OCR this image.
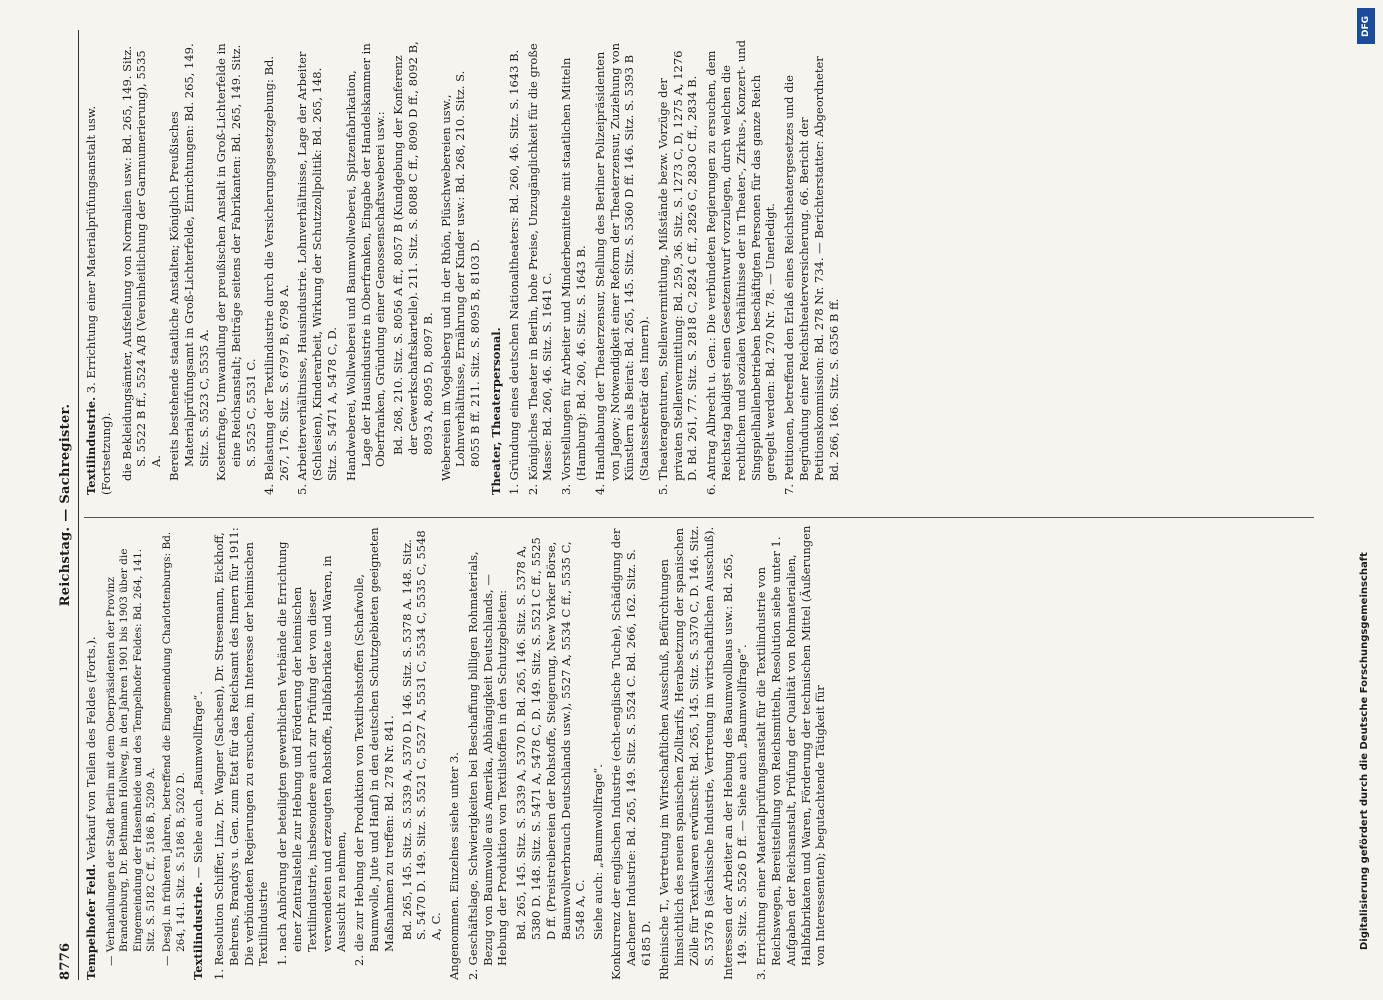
8776
Reichstag. — Sachregister.

Tempelhofer Feld. Verkauf von Teilen des Feldes (Forts.). — Verhandlungen der Stadt Berlin mit dem Oberpräsidenten der Provinz Brandenburg, Dr. Bethmann Hollweg, in den Jahren 1901 bis 1903 über die Eingemeindung der Hasenheide und des Tempelhofer Feldes: Bd. 264, 141. Sitz. S. 5182 C ff., 5186 B, 5209 A. — Desgl. in früheren Jahren, betreffend die Eingemeindung Charlottenburgs: Bd. 264, 141. Sitz. S. 5186 B, 5202 D. Textilindustrie. — Siehe auch „Baumwollfrage“. 1. Resolution Schiffer, Linz, Dr. Wagner (Sachsen), Dr. Stresemann, Eickhoff, Behrens, Brandys u. Gen. zum Etat für das Reichsamt des Innern für 1911: Die verbündeten Regierungen zu ersuchen, im Interesse der heimischen Textilindustrie 1. nach Anhörung der beteiligten gewerblichen Verbände die Errichtung einer Zentralstelle zur Hebung und Förderung der heimischen Textilindustrie, insbesondere auch zur Prüfung der von dieser verwendeten und erzeugten Rohstoffe, Halbfabrikate und Waren, in Aussicht zu nehmen, 2. die zur Hebung der Produktion von Textilrohstoffen (Schafwolle, Baumwolle, Jute und Hanf) in den deutschen Schutzgebieten geeigneten Maßnahmen zu treffen: Bd. 278 Nr. 841. Bd. 265, 145. Sitz. S. 5339 A, 5370 D. 146. Sitz. S. 5378 A. 148. Sitz. S. 5470 D. 149. Sitz. S. 5521 C, 5527 A, 5531 C, 5534 C, 5535 C, 5548 A, C. Angenommen. Einzelnes siehe unter 3. 2. Geschäftslage, Schwierigkeiten bei Beschaffung billigen Rohmaterials, Bezug von Baumwolle aus Amerika, Abhängigkeit Deutschlands, — Hebung der Produktion von Textilstoffen in den Schutzgebieten: Bd. 265, 145. Sitz. S. 5339 A, 5370 D. Bd. 265, 146. Sitz. S. 5378 A, 5380 D. 148. Sitz. S. 5471 A, 5478 C, D. 149. Sitz. S. 5521 C ff., 5525 D ff. (Preistreibereien der Rohstoffe, Steigerung, New Yorker Börse, Baumwollverbrauch Deutschlands usw.), 5527 A, 5534 C ff., 5535 C, 5548 A, C. Siehe auch: „Baumwollfrage“. Konkurrenz der englischen Industrie (echt-englische Tuche), Schädigung der Aachener Industrie: Bd. 265, 149. Sitz. S. 5524 C. Bd. 266, 162. Sitz. S. 6185 D. Rheinische T., Vertretung im Wirtschaftlichen Ausschuß, Befürchtungen hinsichtlich des neuen spanischen Zolltarifs, Herabsetzung der spanischen Zölle für Textilwaren erwünscht: Bd. 265, 145. Sitz. S. 5370 C, D. 146. Sitz. S. 5376 B (sächsische Industrie, Vertretung im wirtschaftlichen Ausschuß). Interessen der Arbeiter an der Hebung des Baumwollbaus usw.: Bd. 265, 149. Sitz. S. 5526 D ff. — Siehe auch „Baumwollfrage“. 3. Errichtung einer Materialprüfungsanstalt für die Textilindustrie von Reichswegen, Bereitstellung von Reichsmitteln, Resolution siehe unter 1. Aufgaben der Reichsanstalt, Prüfung der Qualität von Rohmaterialien, Halbfabrikaten und Waren, Förderung der technischen Mittel (Äußerungen von Interessenten); begutachtende Tätigkeit für

Textilindustrie. 3. Errichtung einer Materialprüfungsanstalt usw. (Fortsetzung). die Bekleidungsämter, Aufstellung von Normalien usw.: Bd. 265, 149. Sitz. S. 5522 B ff., 5524 A/B (Vereinheitlichung der Garnnumerierung), 5535 A. Bereits bestehende staatliche Anstalten; Königlich Preußisches Materialprüfungsamt in Groß-Lichterfelde, Einrichtungen: Bd. 265, 149. Sitz. S. 5523 C, 5535 A. Kostenfrage, Umwandlung der preußischen Anstalt in Groß-Lichterfelde in eine Reichsanstalt; Beiträge seitens der Fabrikanten: Bd. 265, 149. Sitz. S. 5525 C, 5531 C. 4. Belastung der Textilindustrie durch die Versicherungsgesetzgebung: Bd. 267, 176. Sitz. S. 6797 B, 6798 A. 5. Arbeiterverhältnisse, Hausindustrie. Lohnverhältnisse, Lage der Arbeiter (Schlesien), Kinderarbeit, Wirkung der Schutzzollpolitik: Bd. 265, 148. Sitz. S. 5471 A, 5478 C, D. Handweberei, Wollweberei und Baumwollweberei, Spitzenfabrikation, Lage der Hausindustrie in Oberfranken, Eingabe der Handelskammer in Oberfranken, Gründung einer Genossenschaftsweberei usw.: Bd. 268, 210. Sitz. S. 8056 A ff., 8057 B (Kundgebung der Konferenz der Gewerkschaftskartelle). 211. Sitz. S. 8088 C ff., 8090 D ff., 8092 B, 8093 A, 8095 D, 8097 B. Webereien im Vogelsberg und in der Rhön, Plüschwebereien usw., Lohnverhältnisse, Ernährung der Kinder usw.: Bd. 268, 210. Sitz. S. 8055 B ff. 211. Sitz. S. 8095 B, 8103 D. Theater, Theaterpersonal. 1. Gründung eines deutschen Nationaltheaters: Bd. 260, 46. Sitz. S. 1643 B. 2. Königliches Theater in Berlin, hohe Preise, Unzugänglichkeit für die große Masse: Bd. 260, 46. Sitz. S. 1641 C. 3. Vorstellungen für Arbeiter und Minderbemittelte mit staatlichen Mitteln (Hamburg): Bd. 260, 46. Sitz. S. 1643 B. 4. Handhabung der Theaterzensur, Stellung des Berliner Polizeipräsidenten von Jagow; Notwendigkeit einer Reform der Theaterzensur, Zuziehung von Künstlern als Beirat: Bd. 265, 145. Sitz. S. 5360 D ff. 146. Sitz. S. 5393 B (Staatssekretär des Innern). 5. Theateragenturen, Stellenvermittlung, Mißstände bezw. Vorzüge der privaten Stellenvermittlung: Bd. 259, 36. Sitz. S. 1273 C, D, 1275 A, 1276 D. Bd. 261, 77. Sitz. S. 2818 C, 2824 C ff., 2826 C, 2830 C ff., 2834 B. 6. Antrag Albrecht u. Gen.: Die verbündeten Regierungen zu ersuchen, dem Reichstag baldigst einen Gesetzentwurf vorzulegen, durch welchen die rechtlichen und sozialen Verhältnisse der in Theater-, Zirkus-, Konzert- und Singspielhallenbetrieben beschäftigten Personen für das ganze Reich geregelt werden: Bd. 270 Nr. 78. — Unerledigt. 7. Petitionen, betreffend den Erlaß eines Reichstheatergesetzes und die Begründung einer Reichstheaterversicherung. 66. Bericht der Petitionskommission: Bd. 278 Nr. 734. — Berichterstatter: Abgeordneter Bd. 266, 166. Sitz. S. 6356 B ff.

DFG
Digitalisierung gefördert durch die Deutsche Forschungsgemeinschaft
